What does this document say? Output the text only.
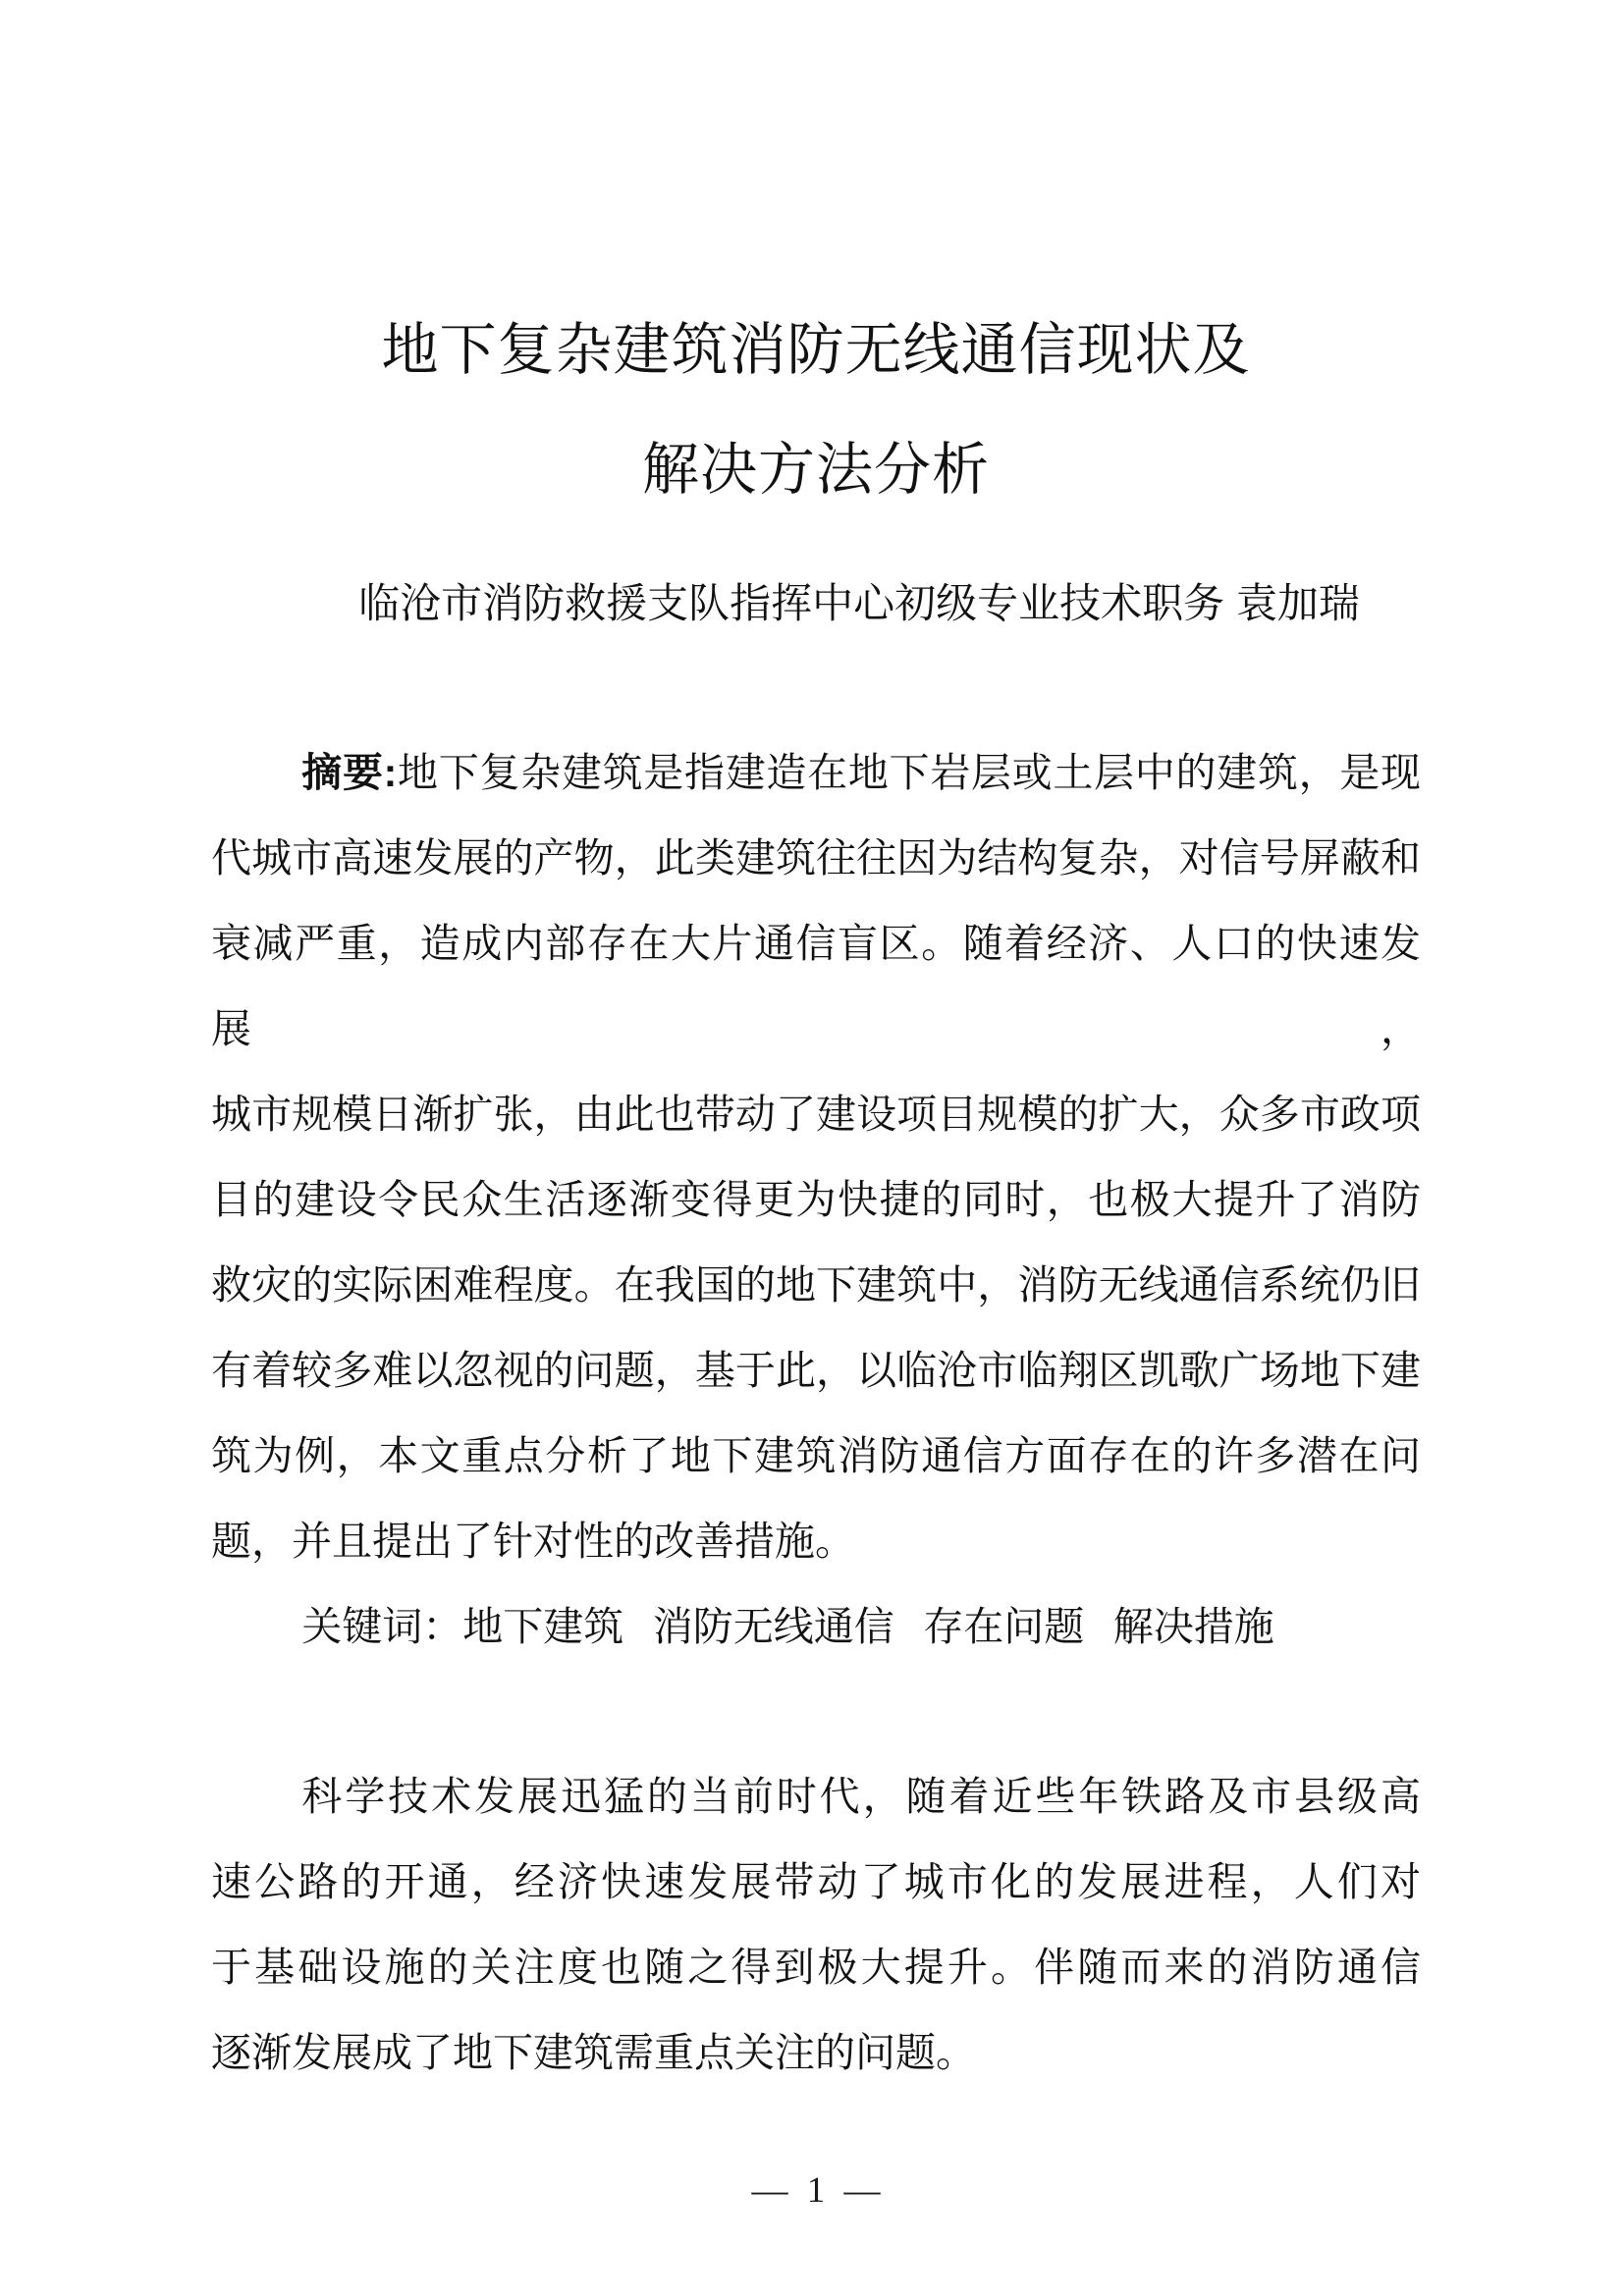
地下复杂建筑消防无线通信现状及
解决方法分析
临沧市消防救援支队指挥中心初级专业技术职务 袁加瑞
摘要:地下复杂建筑是指建造在地下岩层或土层中的建筑，是现
代城市高速发展的产物，此类建筑往往因为结构复杂，对信号屏蔽和
衰减严重，造成内部存在大片通信盲区。随着经济、人口的快速发展，
城市规模日渐扩张，由此也带动了建设项目规模的扩大，众多市政项
目的建设令民众生活逐渐变得更为快捷的同时，也极大提升了消防
救灾的实际困难程度。在我国的地下建筑中，消防无线通信系统仍旧
有着较多难以忽视的问题，基于此，以临沧市临翔区凯歌广场地下建
筑为例，本文重点分析了地下建筑消防通信方面存在的许多潜在问
题，并且提出了针对性的改善措施。
关键词：地下建筑 消防无线通信 存在问题 解决措施
科学技术发展迅猛的当前时代，随着近些年铁路及市县级高
速公路的开通，经济快速发展带动了城市化的发展进程，人们对
于基础设施的关注度也随之得到极大提升。伴随而来的消防通信
逐渐发展成了地下建筑需重点关注的问题。
— 1 —
